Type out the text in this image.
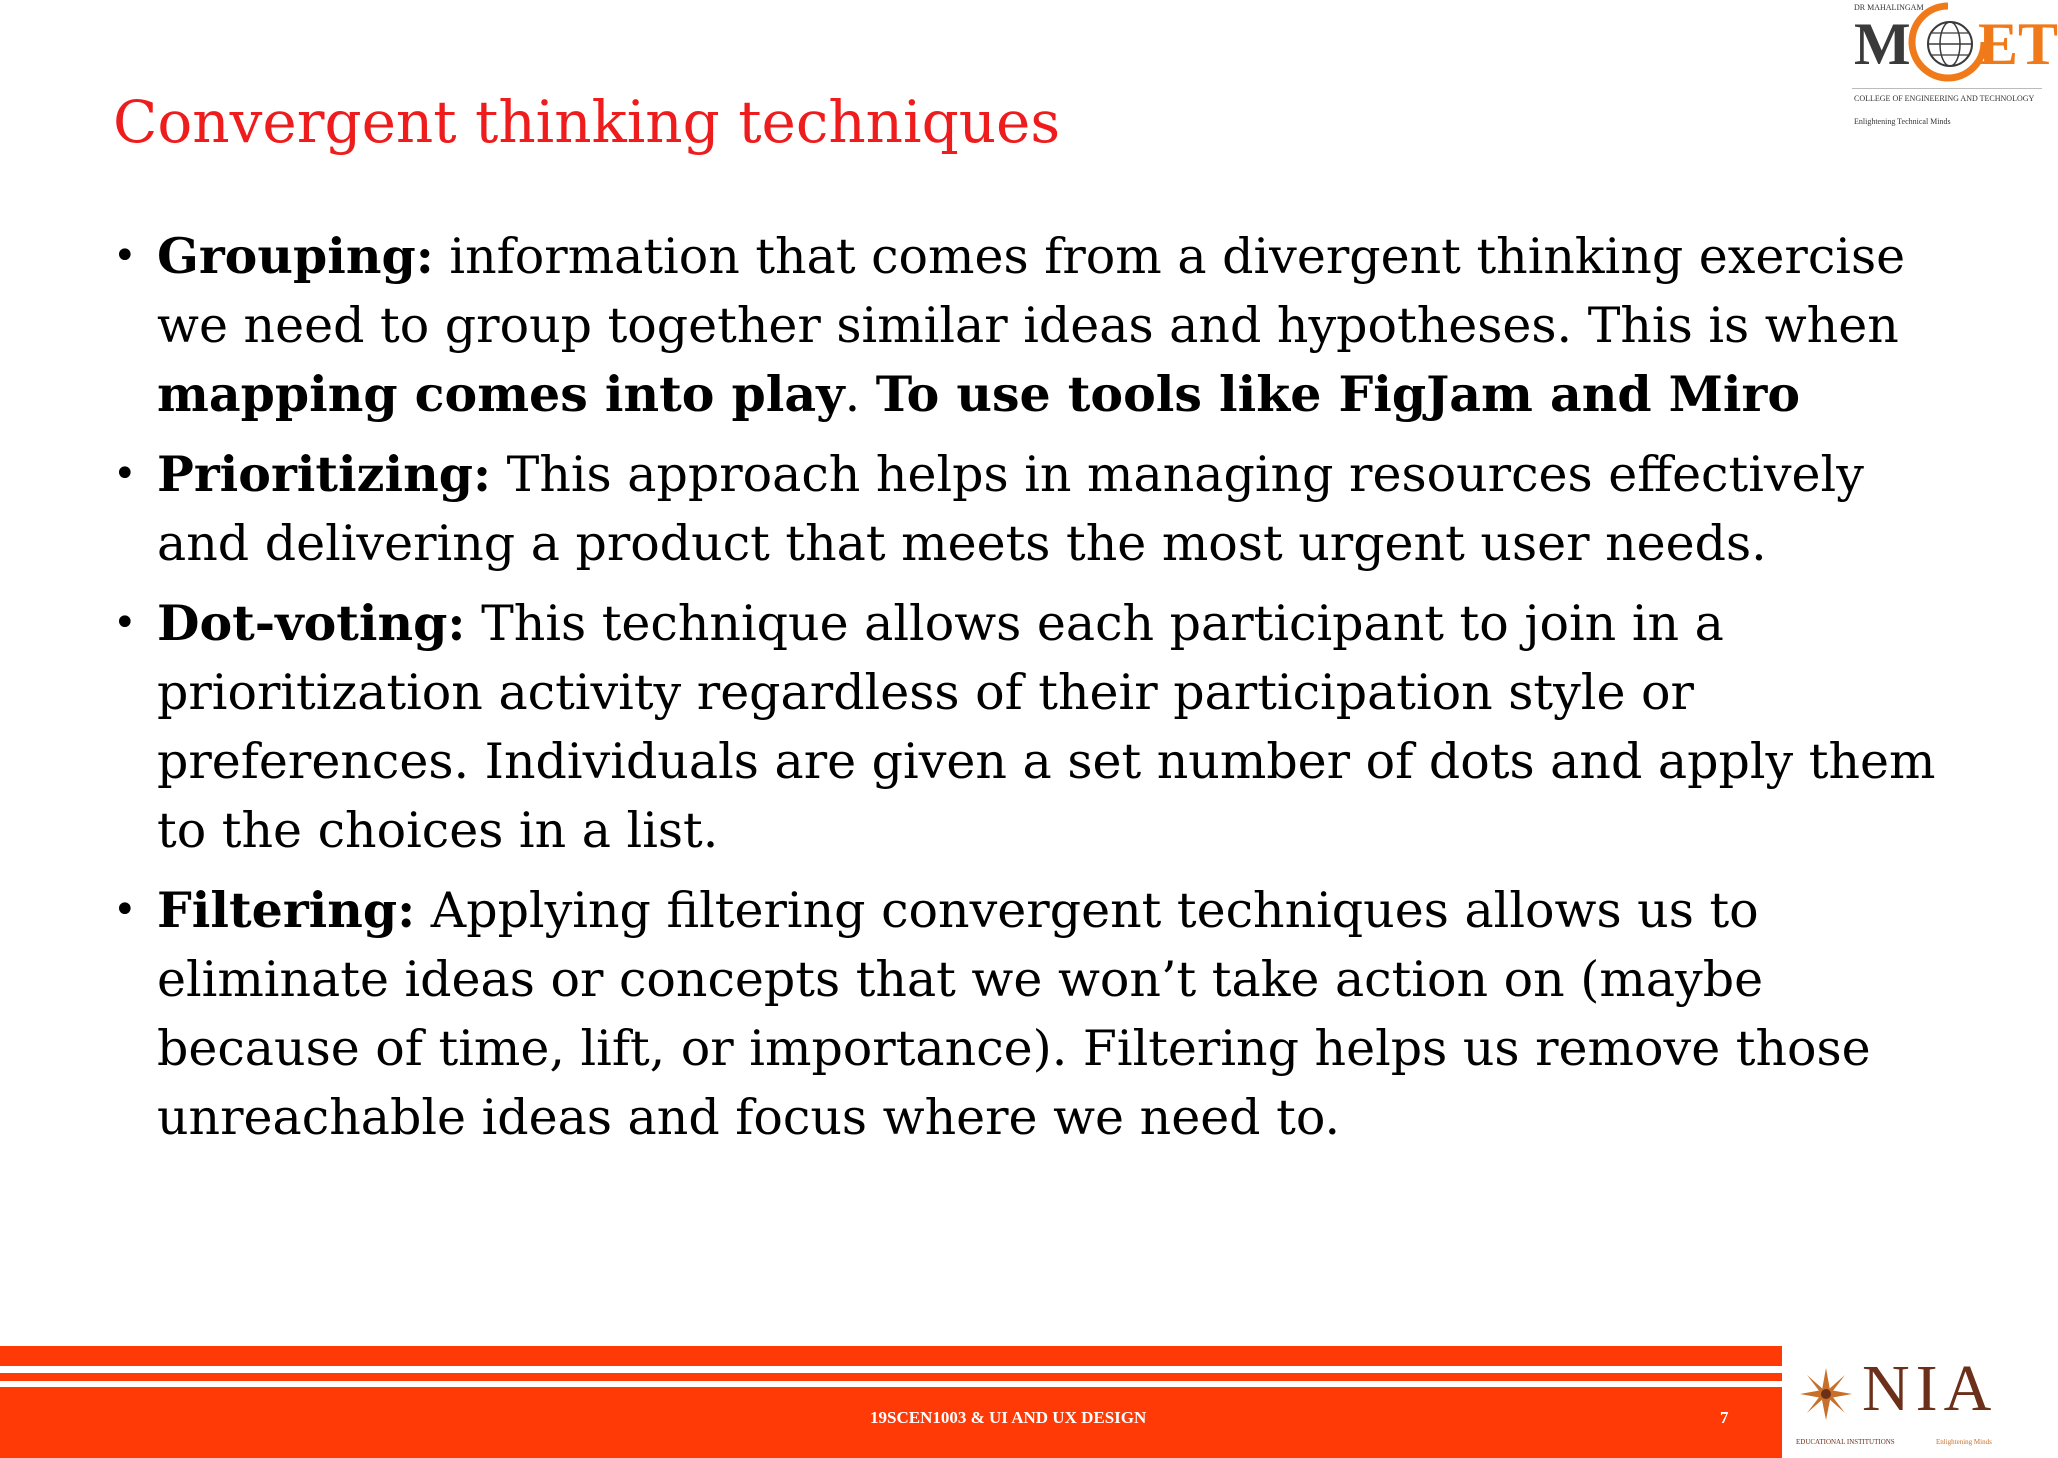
Convergent thinking techniques
DR MAHALINGAM
M ET
COLLEGE OF ENGINEERING AND TECHNOLOGY
Enlightening Technical Minds
• Grouping: information that comes from a divergent thinking exercise we need to group together similar ideas and hypotheses. This is when mapping comes into play. To use tools like FigJam and Miro
• Prioritizing: This approach helps in managing resources effectively and delivering a product that meets the most urgent user needs.
• Dot-voting: This technique allows each participant to join in a prioritization activity regardless of their participation style or preferences. Individuals are given a set number of dots and apply them to the choices in a list.
• Filtering: Applying filtering convergent techniques allows us to eliminate ideas or concepts that we won’t take action on (maybe because of time, lift, or importance). Filtering helps us remove those unreachable ideas and focus where we need to.
19SCEN1003 & UI AND UX DESIGN	7 NIA
EDUCATIONAL INSTITUTIONS	Enlightening Minds
